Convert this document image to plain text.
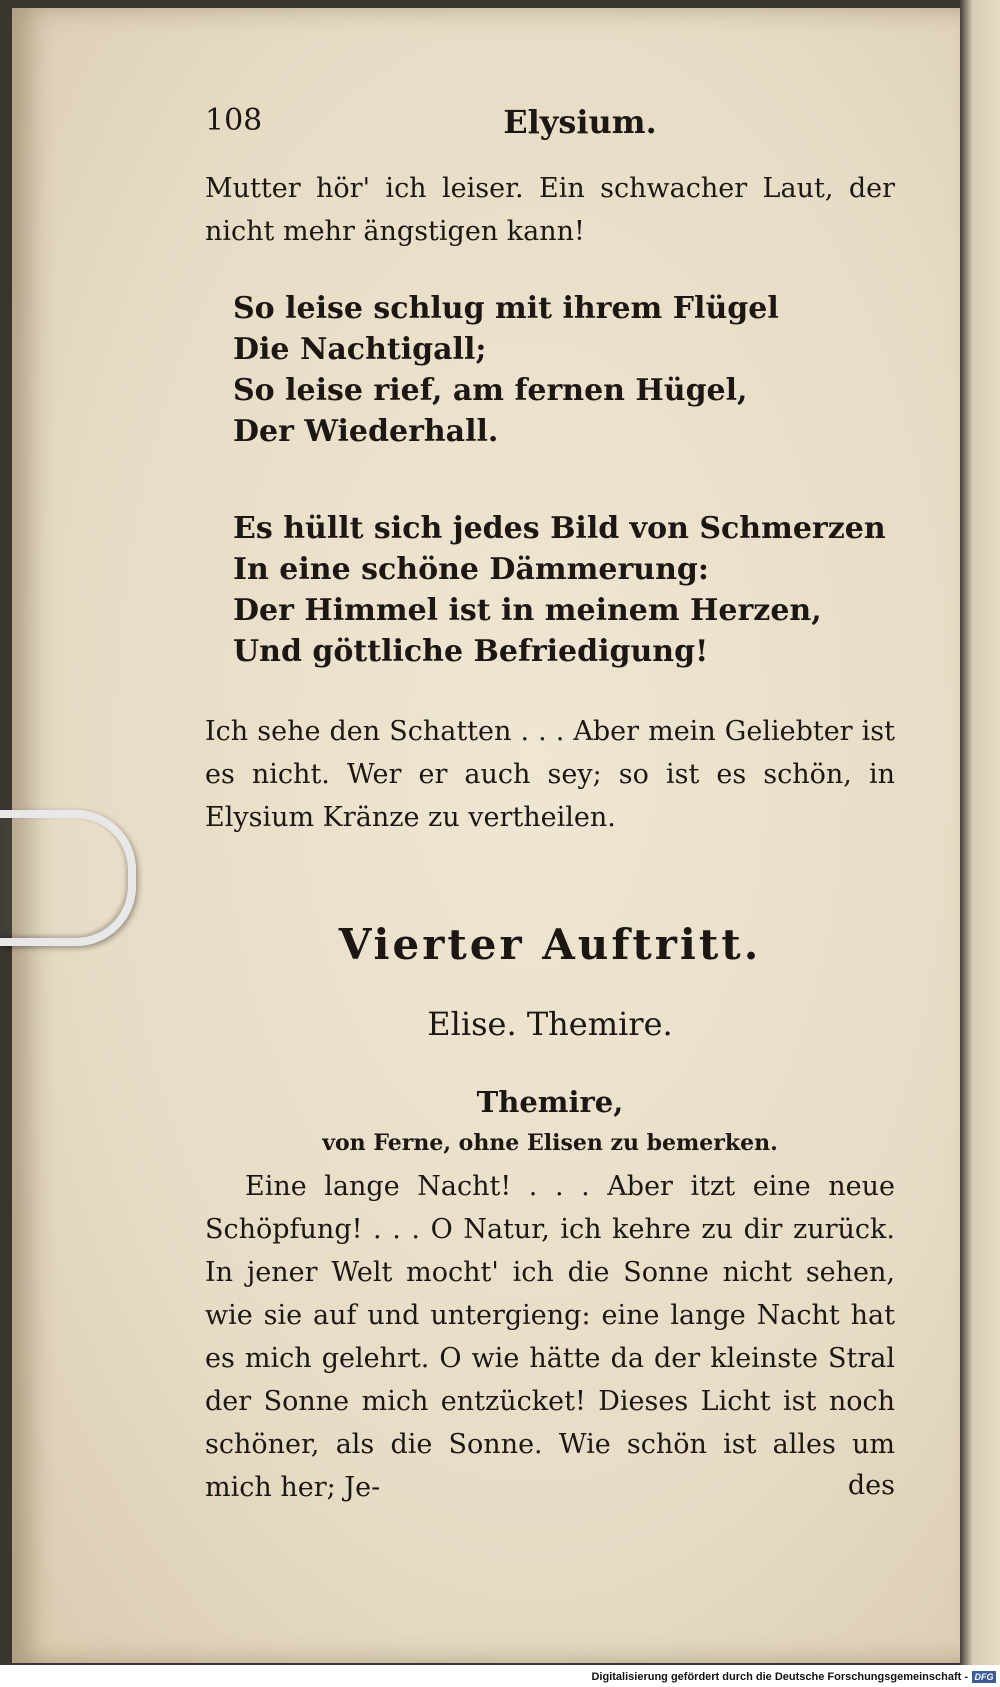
108	Elysium.
Mutter hör' ich leiser. Ein schwacher Laut, der nicht mehr ängstigen kann!
So leise schlug mit ihrem Flügel
Die Nachtigall;
So leise rief, am fernen Hügel,
Der Wiederhall.
Es hüllt sich jedes Bild von Schmerzen
In eine schöne Dämmerung:
Der Himmel ist in meinem Herzen,
Und göttliche Befriedigung!
Ich sehe den Schatten . . . Aber mein Geliebter ist es nicht. Wer er auch sey; so ist es schön, in Elysium Kränze zu vertheilen.
Vierter Auftritt.
Elise. Themire.
Themire,
von Ferne, ohne Elisen zu bemerken.
Eine lange Nacht! . . . Aber itzt eine neue Schöpfung! . . . O Natur, ich kehre zu dir zurück. In jener Welt mocht' ich die Sonne nicht sehen, wie sie auf und untergieng: eine lange Nacht hat es mich gelehrt. O wie hätte da der kleinste Stral der Sonne mich entzücket! Dieses Licht ist noch schöner, als die Sonne. Wie schön ist alles um mich her; Je-	des
Digitalisierung gefördert durch die Deutsche Forschungsgemeinschaft - DFG
